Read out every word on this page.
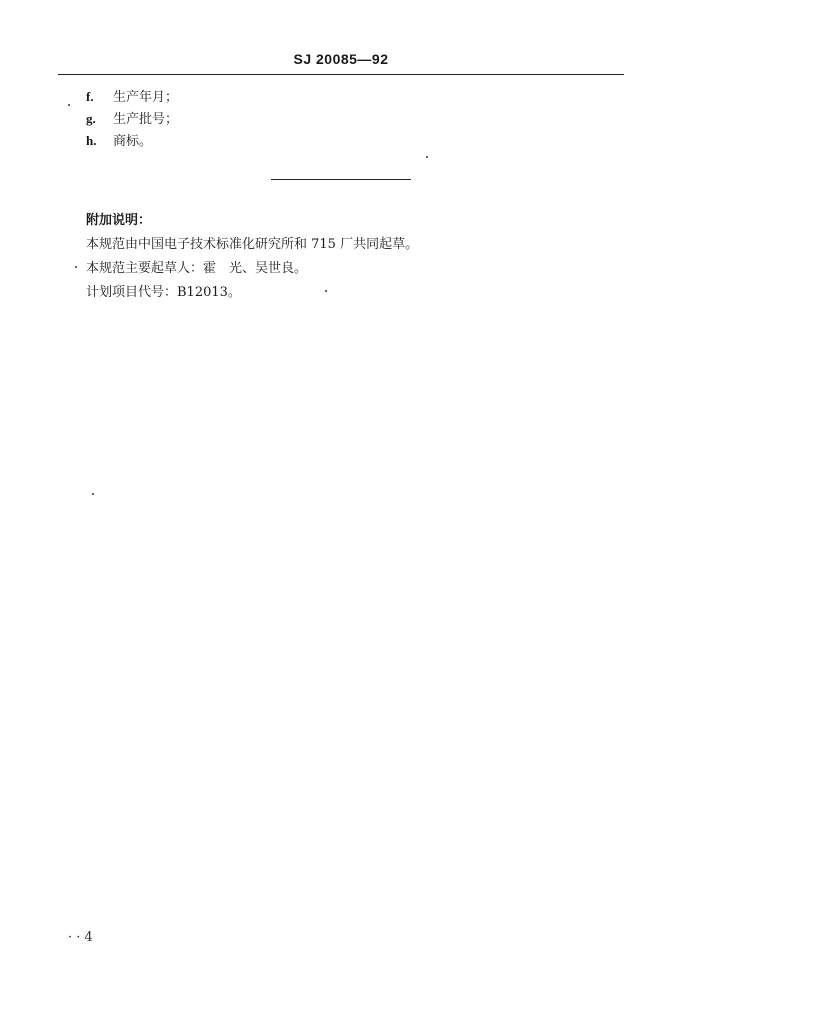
SJ 20085—92
f. 生产年月；
g. 生产批号；
h. 商标。
附加说明：
本规范由中国电子技术标准化研究所和 715 厂共同起草。
本规范主要起草人：霍　光、吴世良。
计划项目代号：B12013。
· · 4
